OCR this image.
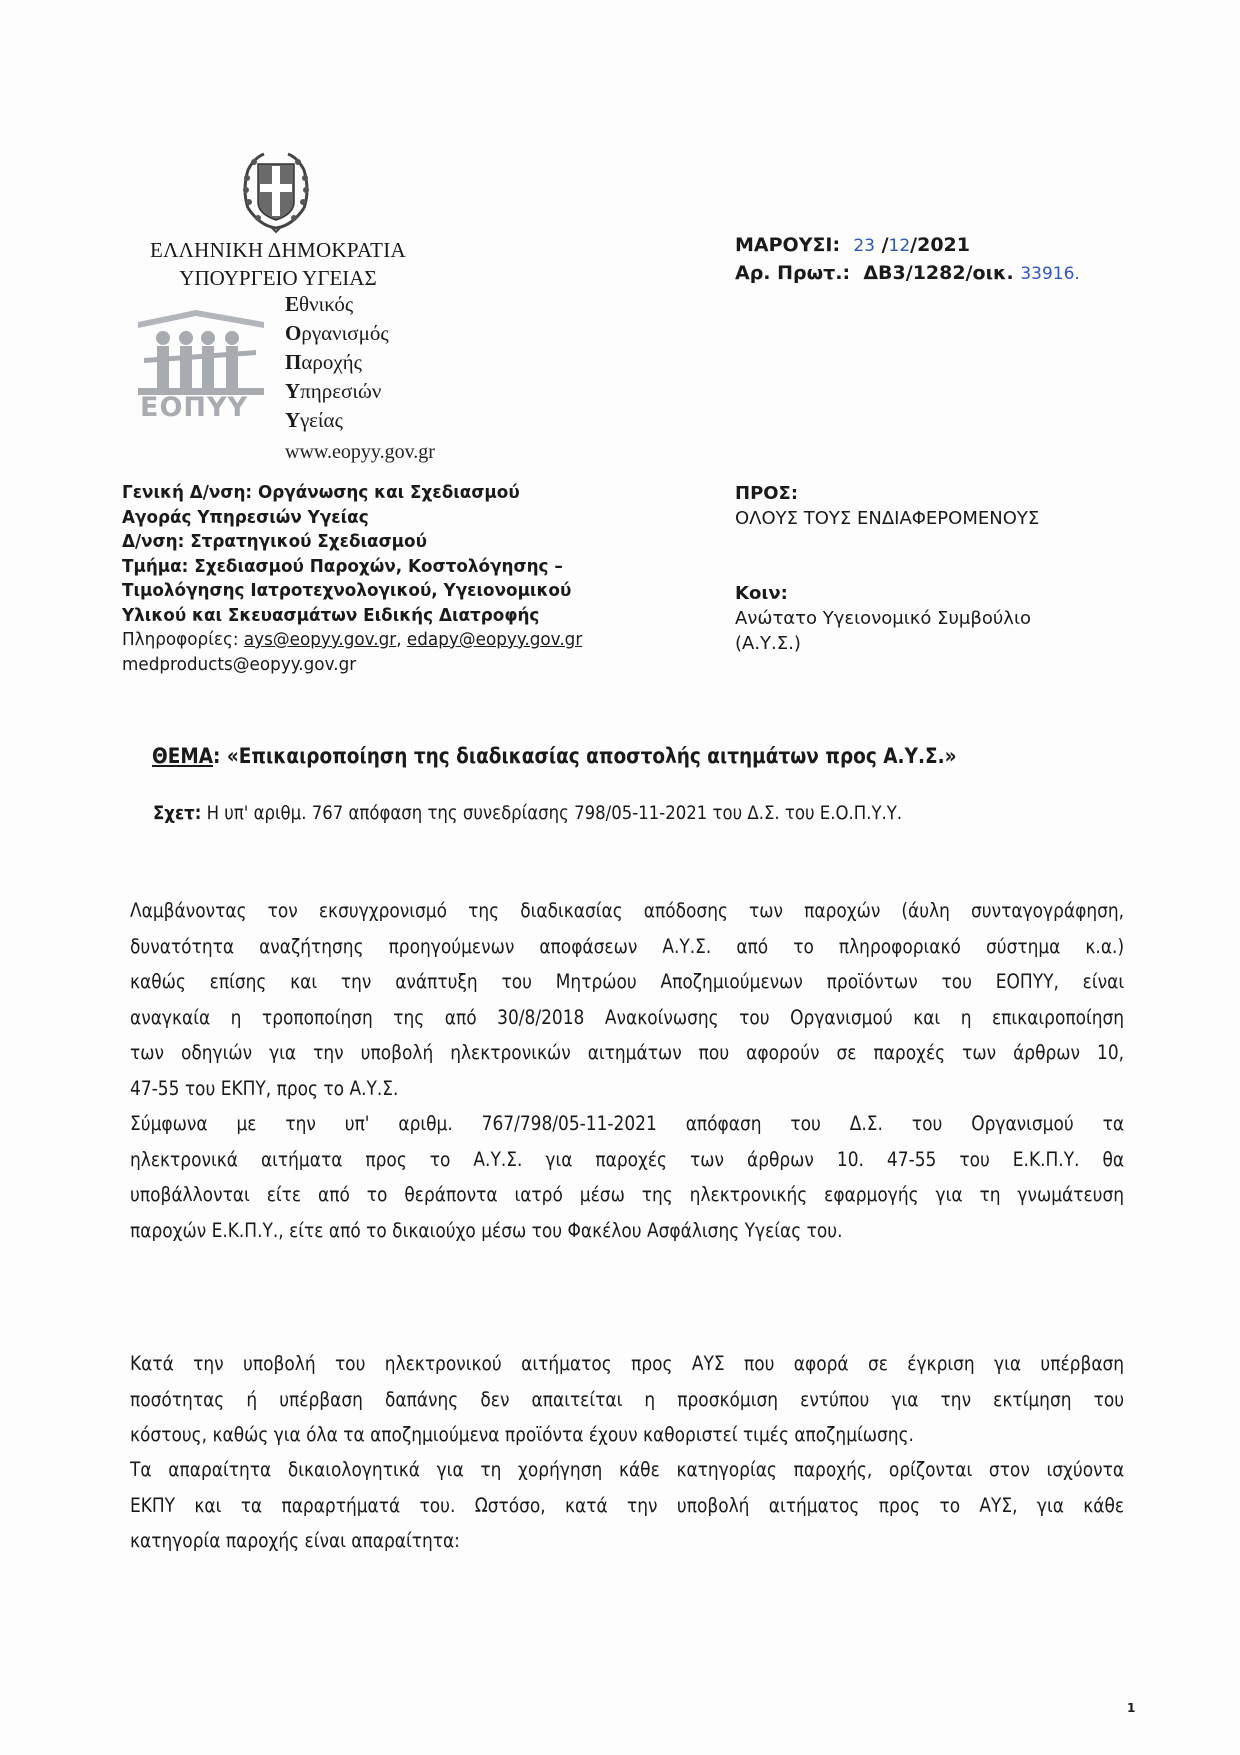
ΕΛΛΗΝΙΚΗ ΔΗΜΟΚΡΑΤΙΑ
ΥΠΟΥΡΓΕΙΟ ΥΓΕΙΑΣ
ΕΟΠΥΥ
Εθνικός
Οργανισμός
Παροχής
Υπηρεσιών
Υγείας
www.eopyy.gov.gr
Γενική Δ/νση: Οργάνωσης και Σχεδιασμού
Αγοράς Υπηρεσιών Υγείας
Δ/νση: Στρατηγικού Σχεδιασμού
Τμήμα: Σχεδιασμού Παροχών, Κοστολόγησης –
Τιμολόγησης Ιατροτεχνολογικού, Υγειονομικού
Υλικού και Σκευασμάτων Ειδικής Διατροφής
Πληροφορίες: ays@eopyy.gov.gr, edapy@eopyy.gov.gr
medproducts@eopyy.gov.gr
ΜΑΡΟΥΣΙ: 23 /12/2021
Αρ. Πρωτ.: ΔΒ3/1282/οικ. 33916.
ΠΡΟΣ:
ΟΛΟΥΣ ΤΟΥΣ ΕΝΔΙΑΦΕΡΟΜΕΝΟΥΣ
Κοιν:
Ανώτατο Υγειονομικό Συμβούλιο
(Α.Υ.Σ.)
ΘΕΜΑ: «Επικαιροποίηση της διαδικασίας αποστολής αιτημάτων προς Α.Υ.Σ.»
Σχετ: Η υπ' αριθμ. 767 απόφαση της συνεδρίασης 798/05-11-2021 του Δ.Σ. του Ε.Ο.Π.Υ.Υ.
Λαμβάνοντας τον εκσυγχρονισμό της διαδικασίας απόδοσης των παροχών (άυλη συνταγογράφηση,
δυνατότητα αναζήτησης προηγούμενων αποφάσεων Α.Υ.Σ. από το πληροφοριακό σύστημα κ.α.)
καθώς επίσης και την ανάπτυξη του Μητρώου Αποζημιούμενων προϊόντων του ΕΟΠΥΥ, είναι
αναγκαία η τροποποίηση της από 30/8/2018 Ανακοίνωσης του Οργανισμού και η επικαιροποίηση
των οδηγιών για την υποβολή ηλεκτρονικών αιτημάτων που αφορούν σε παροχές των άρθρων 10,
47-55 του ΕΚΠΥ, προς το Α.Υ.Σ.
Σύμφωνα με την υπ' αριθμ. 767/798/05-11-2021 απόφαση του Δ.Σ. του Οργανισμού τα
ηλεκτρονικά αιτήματα προς το Α.Υ.Σ. για παροχές των άρθρων 10. 47-55 του Ε.Κ.Π.Υ. θα
υποβάλλονται είτε από το θεράποντα ιατρό μέσω της ηλεκτρονικής εφαρμογής για τη γνωμάτευση
παροχών Ε.Κ.Π.Υ., είτε από το δικαιούχο μέσω του Φακέλου Ασφάλισης Υγείας του.
Κατά την υποβολή του ηλεκτρονικού αιτήματος προς ΑΥΣ που αφορά σε έγκριση για υπέρβαση
ποσότητας ή υπέρβαση δαπάνης δεν απαιτείται η προσκόμιση εντύπου για την εκτίμηση του
κόστους, καθώς για όλα τα αποζημιούμενα προϊόντα έχουν καθοριστεί τιμές αποζημίωσης.
Τα απαραίτητα δικαιολογητικά για τη χορήγηση κάθε κατηγορίας παροχής, ορίζονται στον ισχύοντα
ΕΚΠΥ και τα παραρτήματά του. Ωστόσο, κατά την υποβολή αιτήματος προς το ΑΥΣ, για κάθε
κατηγορία παροχής είναι απαραίτητα:
1
